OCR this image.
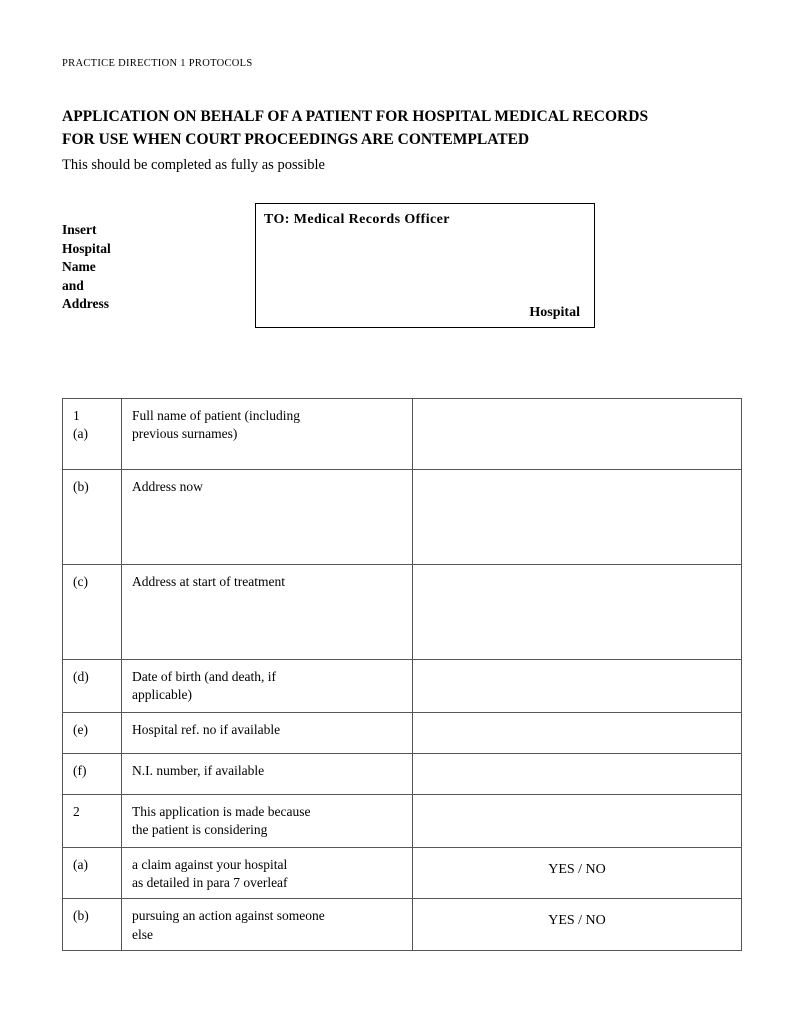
PRACTICE DIRECTION 1 PROTOCOLS
APPLICATION ON BEHALF OF A PATIENT FOR HOSPITAL MEDICAL RECORDS
FOR USE WHEN COURT PROCEEDINGS ARE CONTEMPLATED
This should be completed as fully as possible
Insert
Hospital
Name
and
Address
TO: Medical Records Officer
Hospital
1
(a)	Full name of patient (including
previous surnames)	

(b)	Address now	

(c)	Address at start of treatment	

(d)	Date of birth (and death, if
applicable)	

(e)	Hospital ref. no if available	

(f)	N.I. number, if available	

2	This application is made because
the patient is considering	

(a)	a claim against your hospital
as detailed in para 7 overleaf	YES / NO
(b)	pursuing an action against someone
else	YES / NO
